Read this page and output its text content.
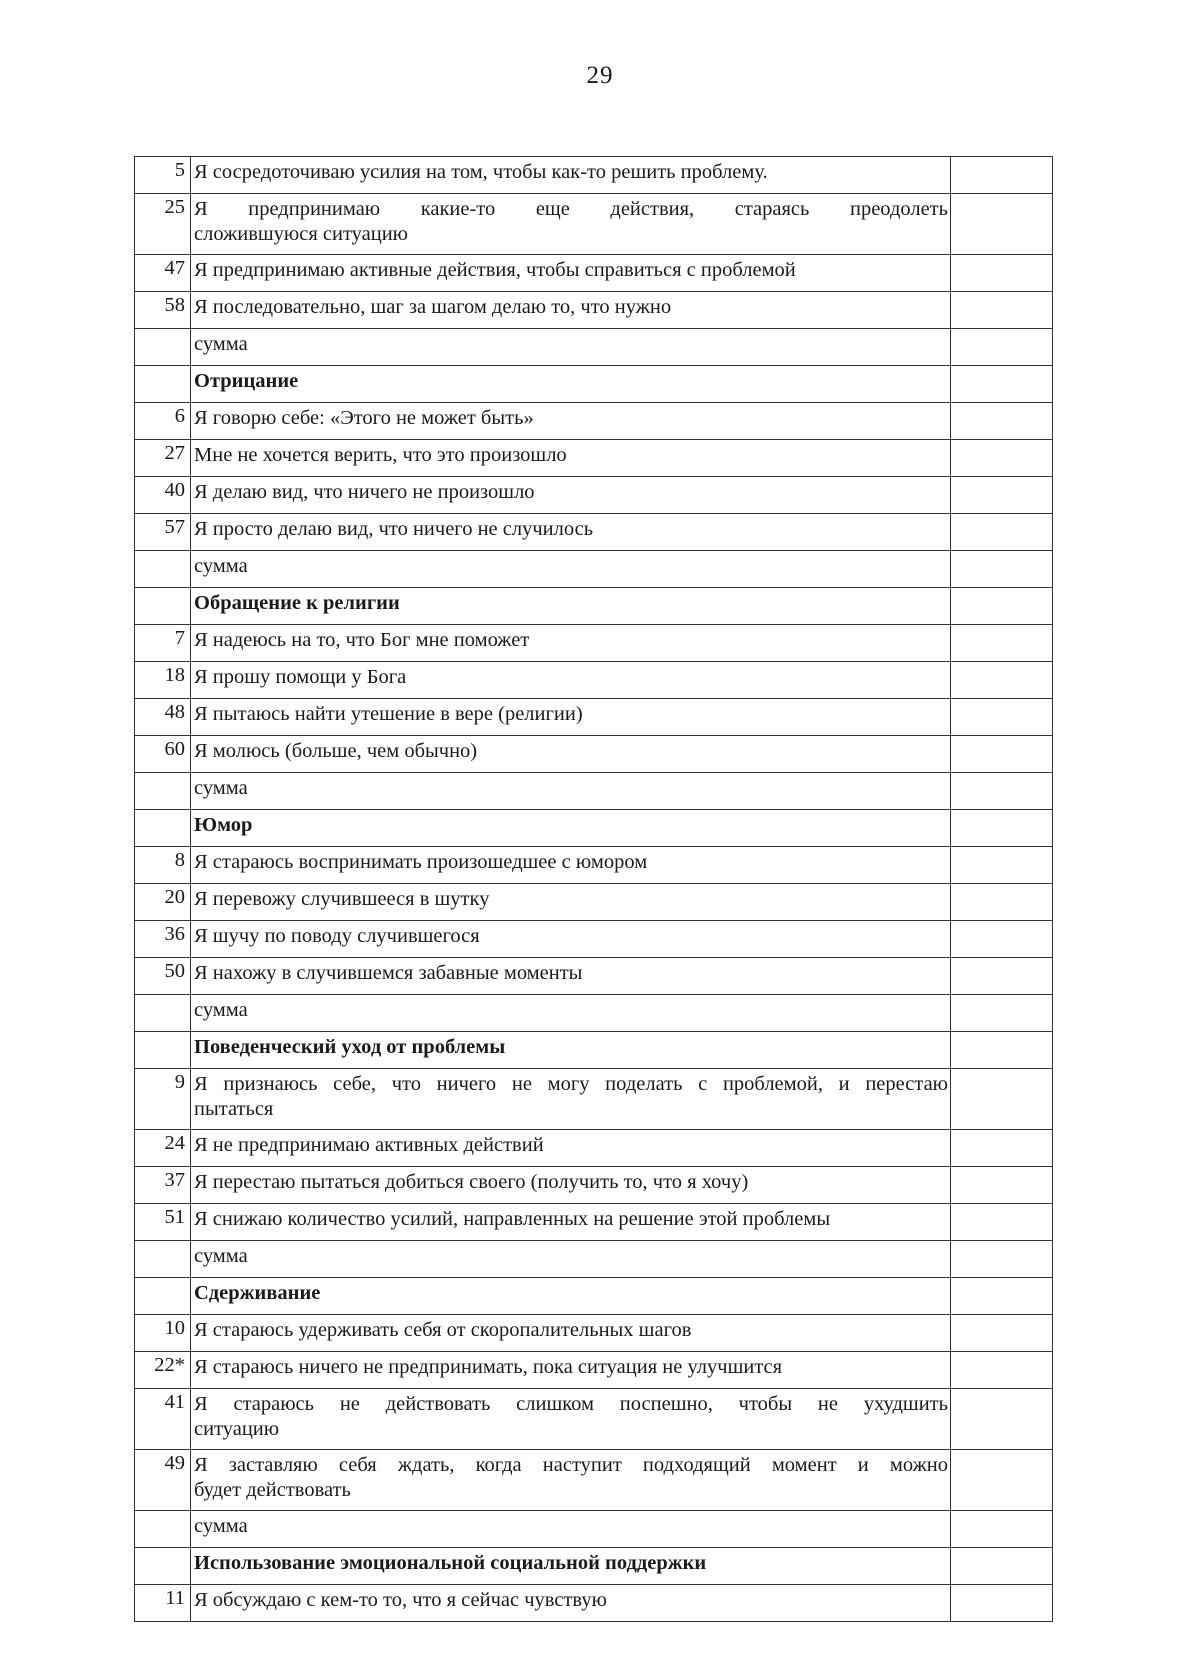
29
5	Я сосредоточиваю усилия на том, чтобы как-то решить проблему.	
25	Я предпринимаю какие-то еще действия, стараясь преодолеть
сложившуюся ситуацию	
47	Я предпринимаю активные действия, чтобы справиться с проблемой	
58	Я последовательно, шаг за шагом делаю то, что нужно	
	сумма	
	Отрицание	
6	Я говорю себе: «Этого не может быть»	
27	Мне не хочется верить, что это произошло	
40	Я делаю вид, что ничего не произошло	
57	Я просто делаю вид, что ничего не случилось	
	сумма	
	Обращение к религии	
7	Я надеюсь на то, что Бог мне поможет	
18	Я прошу помощи у Бога	
48	Я пытаюсь найти утешение в вере (религии)	
60	Я молюсь (больше, чем обычно)	
	сумма	
	Юмор	
8	Я стараюсь воспринимать произошедшее с юмором	
20	Я перевожу случившееся в шутку	
36	Я шучу по поводу случившегося	
50	Я нахожу в случившемся забавные моменты	
	сумма	
	Поведенческий уход от проблемы	
9	Я признаюсь себе, что ничего не могу поделать с проблемой, и перестаю
пытаться	
24	Я не предпринимаю активных действий	
37	Я перестаю пытаться добиться своего (получить то, что я хочу)	
51	Я снижаю количество усилий, направленных на решение этой проблемы	
	сумма	
	Сдерживание	
10	Я стараюсь удерживать себя от скоропалительных шагов	
22*	Я стараюсь ничего не предпринимать, пока ситуация не улучшится	
41	Я стараюсь не действовать слишком поспешно, чтобы не ухудшить
ситуацию	
49	Я заставляю себя ждать, когда наступит подходящий момент и можно
будет действовать	
	сумма	
	Использование эмоциональной социальной поддержки	
11	Я обсуждаю с кем-то то, что я сейчас чувствую	
